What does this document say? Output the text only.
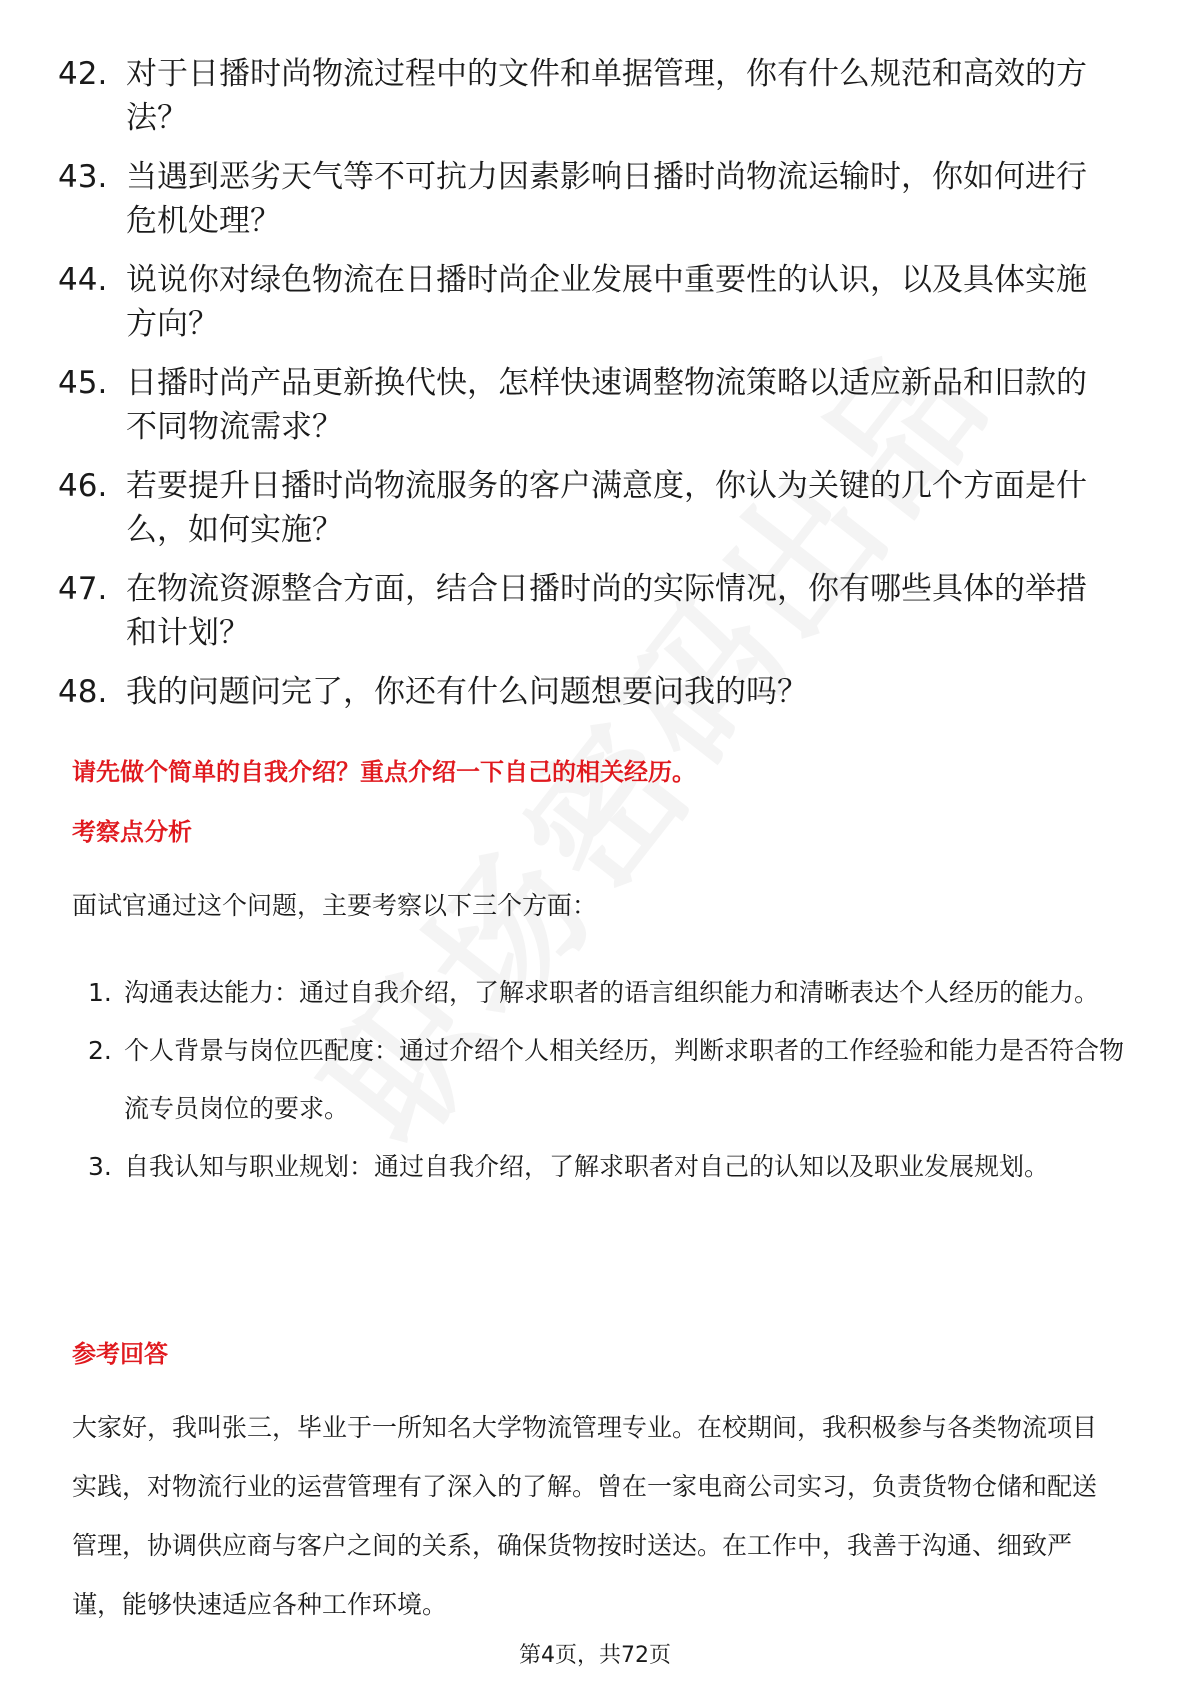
42. 对于日播时尚物流过程中的文件和单据管理，你有什么规范和高效的方法？
43. 当遇到恶劣天气等不可抗力因素影响日播时尚物流运输时，你如何进行危机处理？
44. 说说你对绿色物流在日播时尚企业发展中重要性的认识，以及具体实施方向？
45. 日播时尚产品更新换代快，怎样快速调整物流策略以适应新品和旧款的不同物流需求？
46. 若要提升日播时尚物流服务的客户满意度，你认为关键的几个方面是什么，如何实施？
47. 在物流资源整合方面，结合日播时尚的实际情况，你有哪些具体的举措和计划？
48. 我的问题问完了，你还有什么问题想要问我的吗？

请先做个简单的自我介绍？重点介绍一下自己的相关经历。

考察点分析

面试官通过这个问题，主要考察以下三个方面：

1. 沟通表达能力：通过自我介绍，了解求职者的语言组织能力和清晰表达个人经历的能力。
2. 个人背景与岗位匹配度：通过介绍个人相关经历，判断求职者的工作经验和能力是否符合物流专员岗位的要求。
3. 自我认知与职业规划：通过自我介绍，了解求职者对自己的认知以及职业发展规划。
参考回答

大家好，我叫张三，毕业于一所知名大学物流管理专业。在校期间，我积极参与各类物流项目实践，对物流行业的运营管理有了深入的了解。曾在一家电商公司实习，负责货物仓储和配送管理，协调供应商与客户之间的关系，确保货物按时送达。在工作中，我善于沟通、细致严谨，能够快速适应各种工作环境。

第4页，共72页
